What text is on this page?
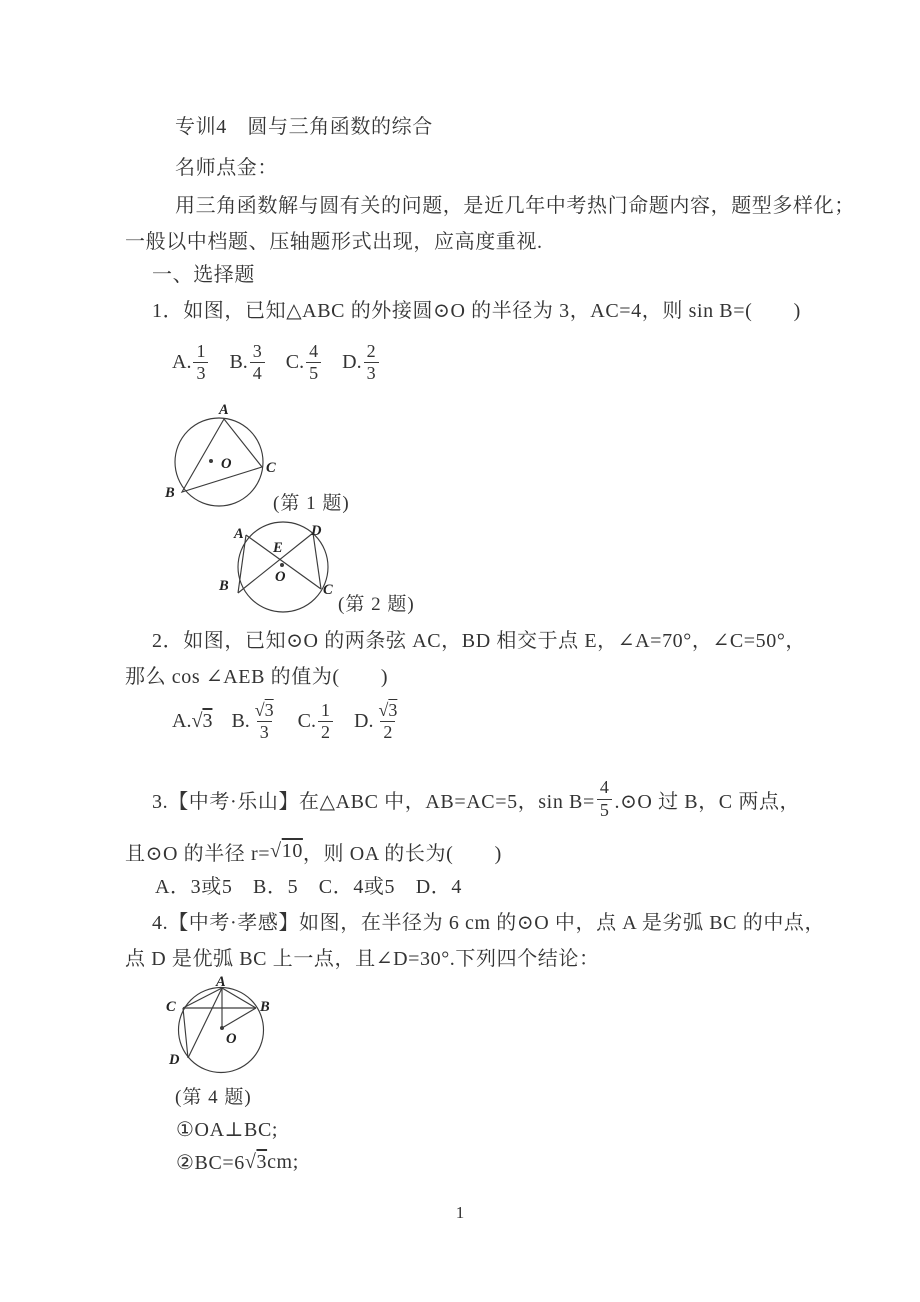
专训4　圆与三角函数的综合
名师点金：
用三角函数解与圆有关的问题，是近几年中考热门命题内容，题型多样化；
一般以中档题、压轴题形式出现，应高度重视.
一、选择题
1．如图，已知△ABC 的外接圆⊙O 的半径为 3，AC=4，则 sin B=(　　)
A. $\frac{1}{3} B$. $\frac{3}{4} C$. $\frac{4}{5} D$. $\frac{2}{3}$
A
O C
B	(第 1 题)
A	D
E
O
B	C
(第 2 题)
2．如图，已知⊙O 的两条弦 AC，BD 相交于点 E，∠A=70°，∠C=50°，
那么 cos ∠AEB 的值为(　　)
A. √ 3 B. √ $\frac{3}{3} C$. $\frac{1}{2} D$. √ $\frac{3}{2}$
3.【中考·乐山】在△ABC 中，AB=AC=5，$\sin B= \frac{4}{5}$ .⊙O 过 B，C 两点，
且⊙O 的半径 r= √ 10 ，则 OA 的长为(　　)
A．3或5　B．5　C．4或5　D．4
4.【中考·孝感】如图，在半径为 6 cm 的⊙O 中，点 A 是劣弧 BC 的中点，
点 D 是优弧 BC 上一点，且∠D=30°.下列四个结论：
A
C	B
O
D
(第 4 题)
①OA⊥BC;
②BC=6 √ 3 cm;
1
